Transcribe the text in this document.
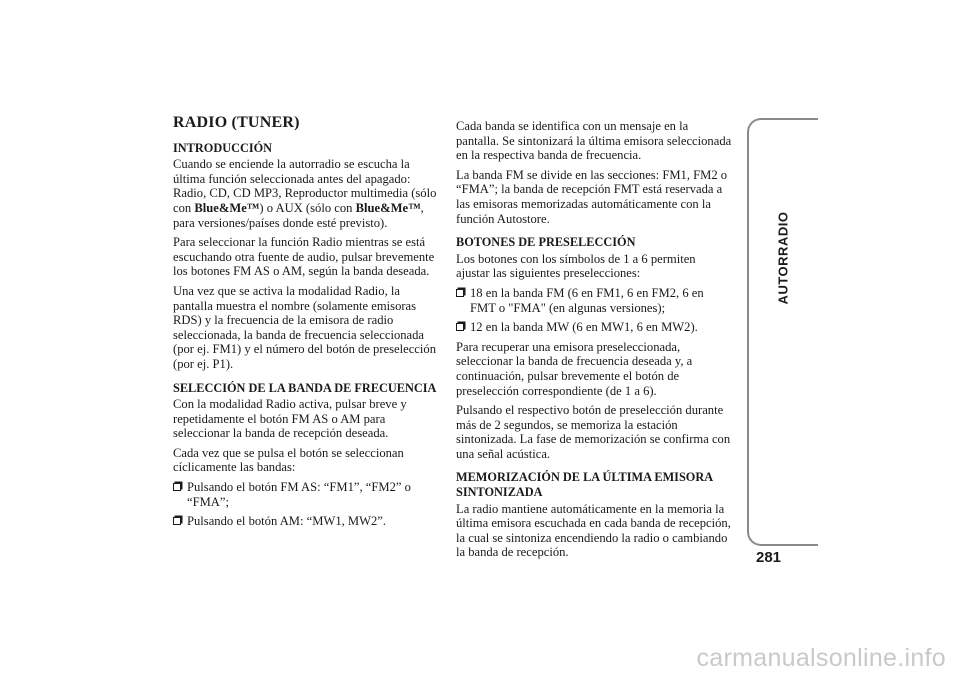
RADIO (TUNER)
INTRODUCCIÓN

Cuando se enciende la autorradio se escucha la última función seleccionada antes del apagado: Radio, CD, CD MP3, Reproductor multimedia (sólo con Blue&Me™) o AUX (sólo con Blue&Me™, para versiones/países donde esté previsto).

Para seleccionar la función Radio mientras se está escuchando otra fuente de audio, pulsar brevemente los botones FM AS o AM, según la banda deseada.

Una vez que se activa la modalidad Radio, la pantalla muestra el nombre (solamente emisoras RDS) y la frecuencia de la emisora de radio seleccionada, la banda de frecuencia seleccionada (por ej. FM1) y el número del botón de preselección (por ej. P1).

SELECCIÓN DE LA BANDA DE FRECUENCIA

Con la modalidad Radio activa, pulsar breve y repetidamente el botón FM AS o AM para seleccionar la banda de recepción deseada.

Cada vez que se pulsa el botón se seleccionan cíclicamente las bandas:

Pulsando el botón FM AS: “FM1”, “FM2” o “FMA”;
Pulsando el botón AM: “MW1, MW2”.

Cada banda se identifica con un mensaje en la pantalla. Se sintonizará la última emisora seleccionada en la respectiva banda de frecuencia.

La banda FM se divide en las secciones: FM1, FM2 o “FMA”; la banda de recepción FMT está reservada a las emisoras memorizadas automáticamente con la función Autostore.

BOTONES DE PRESELECCIÓN

Los botones con los símbolos de 1 a 6 permiten ajustar las siguientes preselecciones:

18 en la banda FM (6 en FM1, 6 en FM2, 6 en FMT o "FMA" (en algunas versiones);
12 en la banda MW (6 en MW1, 6 en MW2).

Para recuperar una emisora preseleccionada, seleccionar la banda de frecuencia deseada y, a continuación, pulsar brevemente el botón de preselección correspondiente (de 1 a 6).

Pulsando el respectivo botón de preselección durante más de 2 segundos, se memoriza la estación sintonizada. La fase de memorización se confirma con una señal acústica.

MEMORIZACIÓN DE LA ÚLTIMA EMISORA SINTONIZADA

La radio mantiene automáticamente en la memoria la última emisora escuchada en cada banda de recepción, la cual se sintoniza encendiendo la radio o cambiando la banda de recepción.

AUTORRADIO
281
carmanualsonline.info
